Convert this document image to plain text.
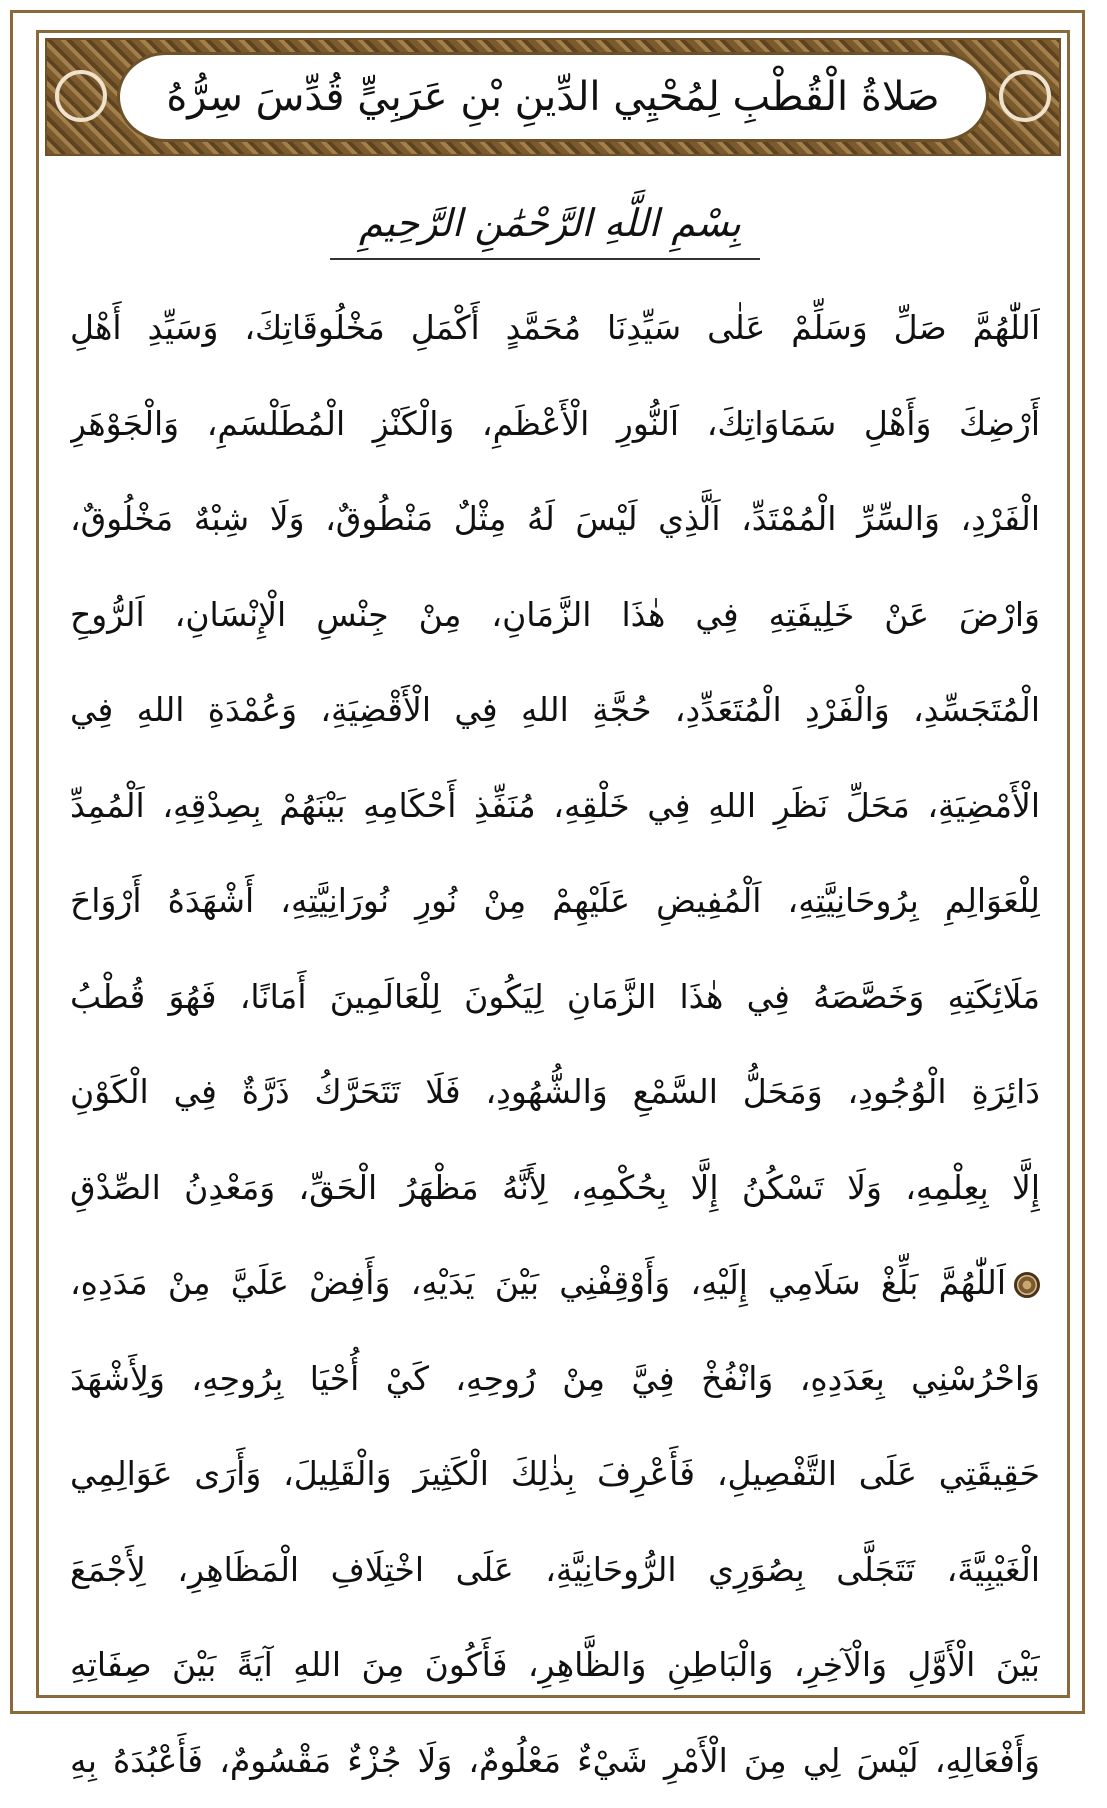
صَلاةُ الْقُطْبِ لِمُحْيِي الدِّينِ بْنِ عَرَبِيٍّ قُدِّسَ سِرُّهُ
بِسْمِ اللَّهِ الرَّحْمَٰنِ الرَّحِيمِ
اَللّٰهُمَّ صَلِّ وَسَلِّمْ عَلٰى سَيِّدِنَا مُحَمَّدٍ أَكْمَلِ مَخْلُوقَاتِكَ، وَسَيِّدِ أَهْلِ
أَرْضِكَ وَأَهْلِ سَمَاوَاتِكَ، اَلنُّورِ الْأَعْظَمِ، وَالْكَنْزِ الْمُطَلْسَمِ، وَالْجَوْهَرِ
الْفَرْدِ، وَالسِّرِّ الْمُمْتَدِّ، اَلَّذِي لَيْسَ لَهُ مِثْلٌ مَنْطُوقٌ، وَلَا شِبْهٌ مَخْلُوقٌ،
وَارْضَ عَنْ خَلِيفَتِهِ فِي هٰذَا الزَّمَانِ، مِنْ جِنْسِ الْإِنْسَانِ، اَلرُّوحِ
الْمُتَجَسِّدِ، وَالْفَرْدِ الْمُتَعَدِّدِ، حُجَّةِ اللهِ فِي الْأَقْضِيَةِ، وَعُمْدَةِ اللهِ فِي
الْأَمْضِيَةِ، مَحَلِّ نَظَرِ اللهِ فِي خَلْقِهِ، مُنَفِّذِ أَحْكَامِهِ بَيْنَهُمْ بِصِدْقِهِ، اَلْمُمِدِّ
لِلْعَوَالِمِ بِرُوحَانِيَّتِهِ، اَلْمُفِيضِ عَلَيْهِمْ مِنْ نُورِ نُورَانِيَّتِهِ، أَشْهَدَهُ أَرْوَاحَ
مَلَائِكَتِهِ وَخَصَّصَهُ فِي هٰذَا الزَّمَانِ لِيَكُونَ لِلْعَالَمِينَ أَمَانًا، فَهُوَ قُطْبُ
دَائِرَةِ الْوُجُودِ، وَمَحَلُّ السَّمْعِ وَالشُّهُودِ، فَلَا تَتَحَرَّكُ ذَرَّةٌ فِي الْكَوْنِ
إِلَّا بِعِلْمِهِ، وَلَا تَسْكُنُ إِلَّا بِحُكْمِهِ، لِأَنَّهُ مَظْهَرُ الْحَقِّ، وَمَعْدِنُ الصِّدْقِ
اَللّٰهُمَّ بَلِّغْ سَلَامِي إِلَيْهِ، وَأَوْقِفْنِي بَيْنَ يَدَيْهِ، وَأَفِضْ عَلَيَّ مِنْ مَدَدِهِ،
وَاحْرُسْنِي بِعَدَدِهِ، وَانْفُخْ فِيَّ مِنْ رُوحِهِ، كَيْ أُحْيَا بِرُوحِهِ، وَلِأَشْهَدَ
حَقِيقَتِي عَلَى التَّفْصِيلِ، فَأَعْرِفَ بِذٰلِكَ الْكَثِيرَ وَالْقَلِيلَ، وَأَرَى عَوَالِمِي
الْغَيْبِيَّةَ، تَتَجَلَّى بِصُوَرِي الرُّوحَانِيَّةِ، عَلَى اخْتِلَافِ الْمَظَاهِرِ، لِأَجْمَعَ
بَيْنَ الْأَوَّلِ وَالْآخِرِ، وَالْبَاطِنِ وَالظَّاهِرِ، فَأَكُونَ مِنَ اللهِ آيَةً بَيْنَ صِفَاتِهِ
وَأَفْعَالِهِ، لَيْسَ لِي مِنَ الْأَمْرِ شَيْءٌ مَعْلُومٌ، وَلَا جُزْءٌ مَقْسُومٌ، فَأَعْبُدَهُ بِهِ
